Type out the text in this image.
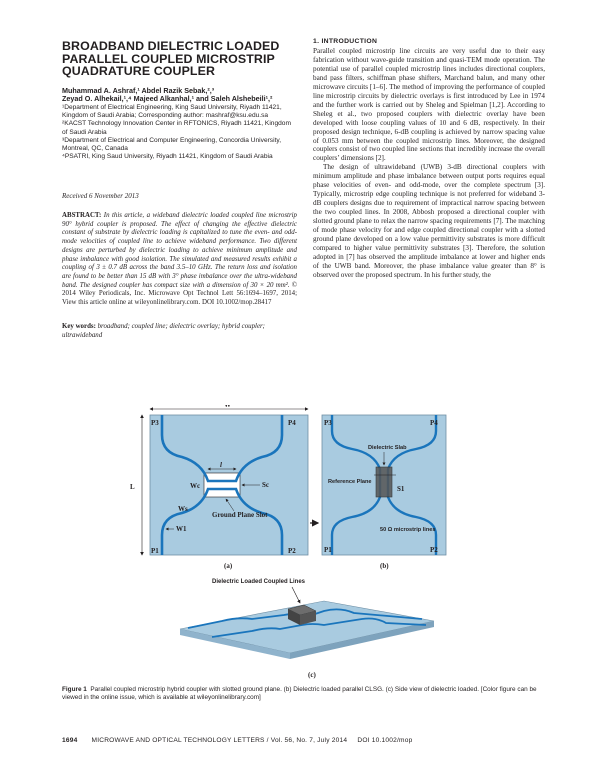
BROADBAND DIELECTRIC LOADED PARALLEL COUPLED MICROSTRIP QUADRATURE COUPLER
Muhammad A. Ashraf,¹ Abdel Razik Sebak,²,³
Zeyad O. Alhekail,¹,⁴ Majeed Alkanhal,¹ and Saleh Alshebeili¹,²
¹Department of Electrical Engineering, King Saud University, Riyadh 11421, Kingdom of Saudi Arabia; Corresponding author: mashraf@ksu.edu.sa
²KACST Technology Innovation Center in RFTONICS, Riyadh 11421, Kingdom of Saudi Arabia
³Department of Electrical and Computer Engineering, Concordia University, Montreal, QC, Canada
⁴PSATRI, King Saud University, Riyadh 11421, Kingdom of Saudi Arabia
Received 6 November 2013
ABSTRACT: In this article, a wideband dielectric loaded coupled line microstrip 90° hybrid coupler is proposed. The effect of changing the effective dielectric constant of substrate by dielectric loading is capitalized to tune the even- and odd-mode velocities of coupled line to achieve wideband performance. Two different designs are perturbed by dielectric loading to achieve minimum amplitude and phase imbalance with good isolation. The simulated and measured results exhibit a coupling of 3 ± 0.7 dB across the band 3.5–10 GHz. The return loss and isolation are found to be better than 15 dB with 3° phase imbalance over the ultra-wideband band. The designed coupler has compact size with a dimension of 30 × 20 mm². © 2014 Wiley Periodicals, Inc. Microwave Opt Technol Lett 56:1694–1697, 2014; View this article online at wileyonlinelibrary.com. DOI 10.1002/mop.28417
Key words: broadband; coupled line; dielectric overlay; hybrid coupler; ultrawideband
1. INTRODUCTION

Parallel coupled microstrip line circuits are very useful due to their easy fabrication without wave-guide transition and quasi-TEM mode operation. The potential use of parallel coupled microstrip lines includes directional couplers, band pass filters, schiffman phase shifters, Marchand balun, and many other microwave circuits [1–6]. The method of improving the performance of coupled line microstrip circuits by dielectric overlays is first introduced by Lee in 1974 and the further work is carried out by Sheleg and Spielman [1,2]. According to Sheleg et al., two proposed couplers with dielectric overlay have been developed with loose coupling values of 10 and 6 dB, respectively. In their proposed design technique, 6-dB coupling is achieved by narrow spacing value of 0.053 mm between the coupled microstrip lines. Moreover, the designed couplers consist of two coupled line sections that incredibly increase the overall couplers’ dimensions [2].

The design of ultrawideband (UWB) 3-dB directional couplers with minimum amplitude and phase imbalance between output ports requires equal phase velocities of even- and odd-mode, over the complete spectrum [3]. Typically, microstrip edge coupling technique is not preferred for wideband 3-dB couplers designs due to requirement of impractical narrow spacing between the two coupled lines. In 2008, Abbosh proposed a directional coupler with slotted ground plane to relax the narrow spacing requirements [7]. The matching of mode phase velocity for and edge coupled directional coupler with a slotted ground plane developed on a low value permittivity substrates is more difficult compared to higher value permittivity substrates [3]. Therefore, the solution adopted in [7] has observed the amplitude imbalance at lower and higher ends of the UWB band. Moreover, the phase imbalance value greater than 8° is observed over the proposed spectrum. In his further study, the

W
L
P3	P4
P1	P2
l
Wc	Sc
Ws
W1
Ground Plane Slot
(a)
P3	P4
P1	P2
Dielectric Slab
Reference Plane
S1
50 Ω microstrip lines
(b)
Dielectric Loaded Coupled Lines
(c)
Figure 1 Parallel coupled microstrip hybrid coupler with slotted ground plane. (b) Dielectric loaded parallel CLSG. (c) Side view of dielectric loaded. [Color figure can be viewed in the online issue, which is available at wileyonlinelibrary.com]
1694 MICROWAVE AND OPTICAL TECHNOLOGY LETTERS / Vol. 56, No. 7, July 2014 DOI 10.1002/mop
